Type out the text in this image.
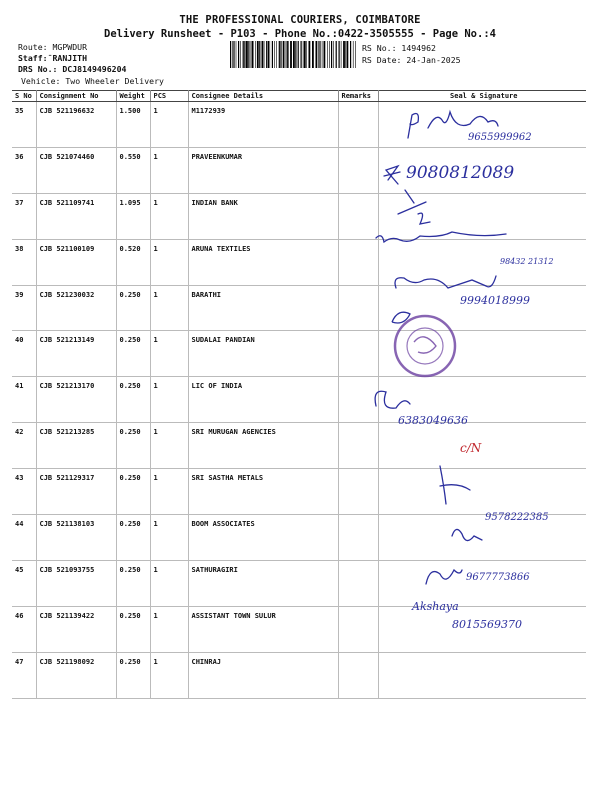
THE PROFESSIONAL COURIERS, COIMBATORE
Delivery Runsheet - P103 - Phone No.:0422-3505555 - Page No.:4
Route: MGPWDUR
Staff:¯RANJITH
DRS No.: DCJ8149496204
Vehicle: Two Wheeler Delivery
RS No.: 1494962
RS Date: 24-Jan-2025
S No	Consignment No	Weight	PCS	Consignee Details	Remarks	Seal & Signature
35	CJB 521196632	1.500	1	M1172939		
36	CJB 521074460	0.550	1	PRAVEENKUMAR		
37	CJB 521109741	1.095	1	INDIAN BANK		
38	CJB 521100109	0.520	1	ARUNA TEXTILES		
39	CJB 521230032	0.250	1	BARATHI		
40	CJB 521213149	0.250	1	SUDALAI PANDIAN		
41	CJB 521213170	0.250	1	LIC OF INDIA		
42	CJB 521213285	0.250	1	SRI MURUGAN AGENCIES		
43	CJB 521129317	0.250	1	SRI SASTHA METALS		
44	CJB 521138103	0.250	1	BOOM ASSOCIATES		
45	CJB 521093755	0.250	1	SATHURAGIRI		
46	CJB 521139422	0.250	1	ASSISTANT TOWN SULUR		
47	CJB 521198092	0.250	1	CHINRAJ		
9655999962
9080812089
98432 21312
9994018999
6383049636
c/N
9578222385
9677773866
Akshaya
8015569370
